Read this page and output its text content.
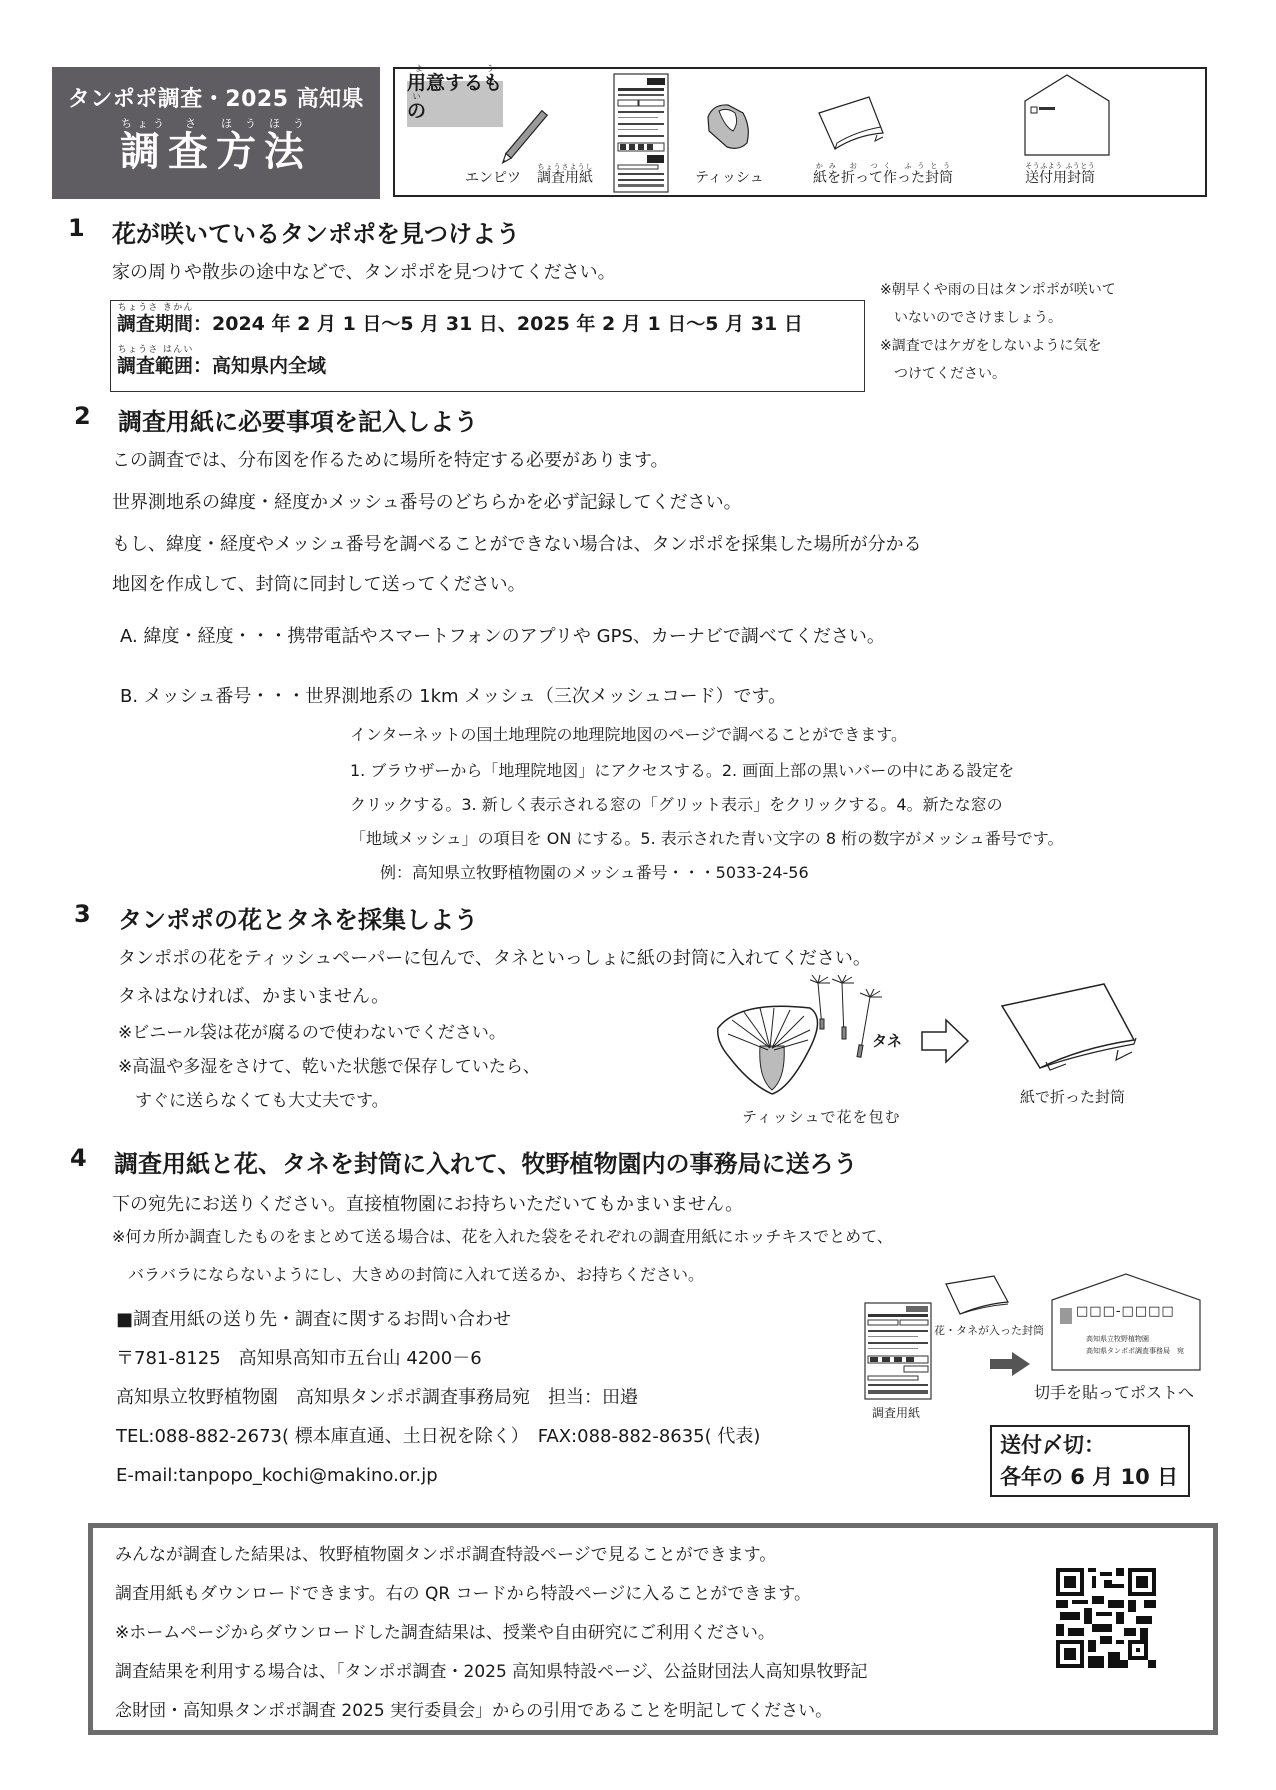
タンポポ調査・2025 高知県
調ちょう査さ方ほう法ほう
用意するものようい
エンピツ 調査用紙ちょうさようし
ティッシュ	紙を折って作った封筒かみ お つく ふうとう
送付用封筒そうふよう ふうとう
1 花が咲いているタンポポを見つけよう
家の周りや散歩の途中などで、タンポポを見つけてください。
調査期間ちょうさ きかん：2024 年 2 月 1 日〜5 月 31 日、2025 年 2 月 1 日〜5 月 31 日
調査範囲ちょうさ はんい：高知県内全域
※朝早くや雨の日はタンポポが咲いて
　いないのでさけましょう。
※調査ではケガをしないように気を
　つけてください。
2 調査用紙に必要事項を記入しよう
この調査では、分布図を作るために場所を特定する必要があります。
世界測地系の緯度・経度かメッシュ番号のどちらかを必ず記録してください。
もし、緯度・経度やメッシュ番号を調べることができない場合は、タンポポを採集した場所が分かる
地図を作成して、封筒に同封して送ってください。
A. 緯度・経度・・・携帯電話やスマートフォンのアプリや GPS、カーナビで調べてください。
B. メッシュ番号・・・世界測地系の 1km メッシュ（三次メッシュコード）です。
インターネットの国土地理院の地理院地図のページで調べることができます。
1. ブラウザーから「地理院地図」にアクセスする。2. 画面上部の黒いバーの中にある設定を
クリックする。3. 新しく表示される窓の「グリット表示」をクリックする。4。新たな窓の
「地域メッシュ」の項目を ON にする。5. 表示された青い文字の 8 桁の数字がメッシュ番号です。
例：高知県立牧野植物園のメッシュ番号・・・5033-24-56
3 タンポポの花とタネを採集しよう
タンポポの花をティッシュペーパーに包んで、タネといっしょに紙の封筒に入れてください。
タネはなければ、かまいません。
※ビニール袋は花が腐るので使わないでください。
※高温や多湿をさけて、乾いた状態で保存していたら、
　すぐに送らなくても大丈夫です。
タネ
ティッシュで花を包む
紙で折った封筒
4 調査用紙と花、タネを封筒に入れて、牧野植物園内の事務局に送ろう
下の宛先にお送りください。直接植物園にお持ちいただいてもかまいません。
※何カ所か調査したものをまとめて送る場合は、花を入れた袋をそれぞれの調査用紙にホッチキスでとめて、
　バラバラにならないようにし、大きめの封筒に入れて送るか、お持ちください。
■調査用紙の送り先・調査に関するお問い合わせ
〒781-8125　高知県高知市五台山 4200－6
高知県立牧野植物園　高知県タンポポ調査事務局宛　担当：田邉
TEL:088-882-2673( 標本庫直通、土日祝を除く）　FAX:088-882-8635( 代表)
E-mail:tanpopo_kochi@makino.or.jp
調査用紙
花・タネが入った封筒
□□□-□□□□
高知県立牧野植物園
高知県タンポポ調査事務局　宛
切手を貼ってポストへ
送付〆切：
各年の 6 月 10 日
みんなが調査した結果は、牧野植物園タンポポ調査特設ページで見ることができます。
調査用紙もダウンロードできます。右の QR コードから特設ページに入ることができます。
※ホームページからダウンロードした調査結果は、授業や自由研究にご利用ください。
調査結果を利用する場合は、「タンポポ調査・2025 高知県特設ページ、公益財団法人高知県牧野記
念財団・高知県タンポポ調査 2025 実行委員会」からの引用であることを明記してください。
